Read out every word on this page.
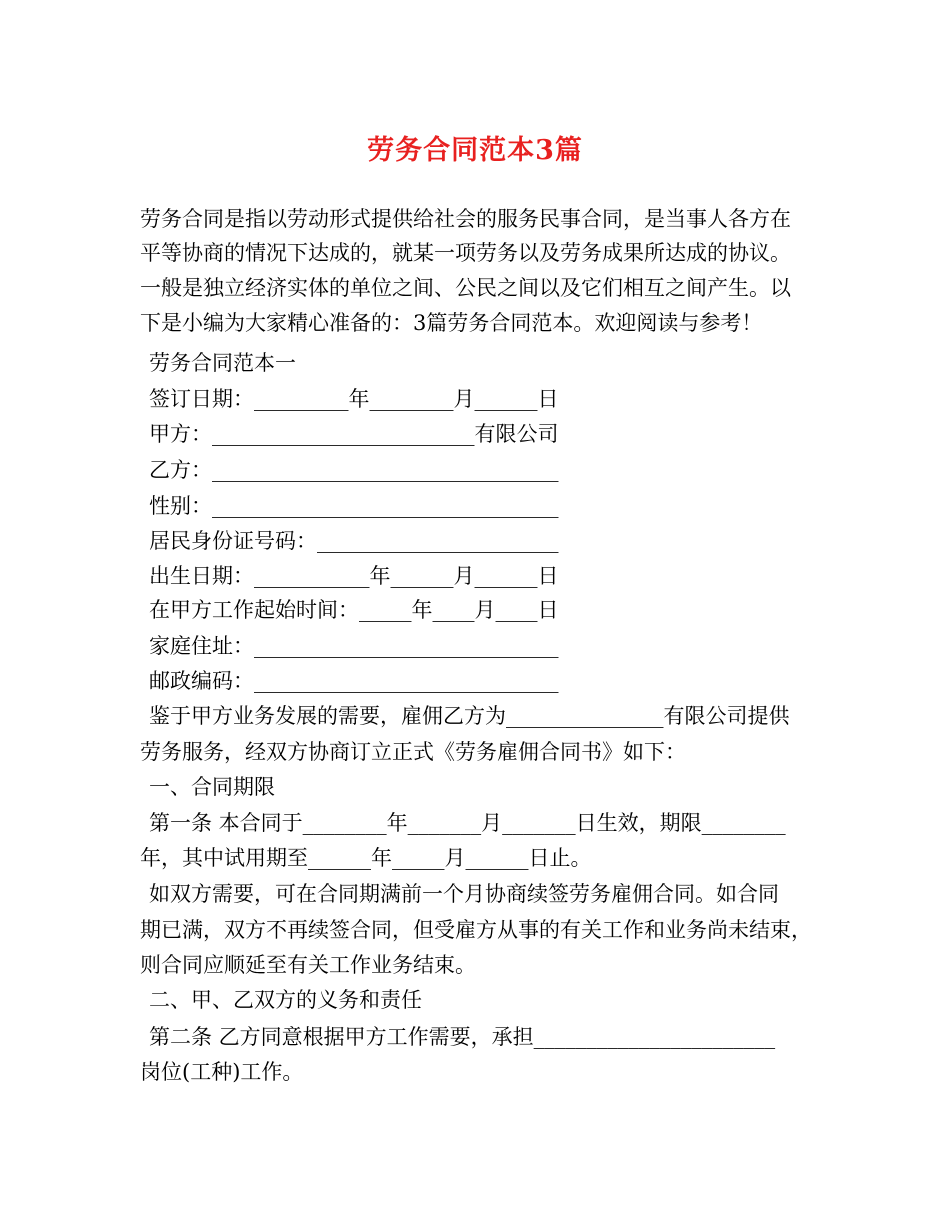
劳务合同范本3篇
劳务合同是指以劳动形式提供给社会的服务民事合同，是当事人各方在
平等协商的情况下达成的，就某一项劳务以及劳务成果所达成的协议。
一般是独立经济实体的单位之间、公民之间以及它们相互之间产生。以
下是小编为大家精心准备的：3篇劳务合同范本。欢迎阅读与参考！
劳务合同范本一
签订日期：_________年________月______日
甲方：_________________________有限公司
乙方：_________________________________
性别：_________________________________
居民身份证号码：_______________________
出生日期：___________年______月______日
在甲方工作起始时间：_____年____月____日
家庭住址：_____________________________
邮政编码：_____________________________
鉴于甲方业务发展的需要，雇佣乙方为_______________有限公司提供
劳务服务，经双方协商订立正式《劳务雇佣合同书》如下：
一、合同期限
第一条 本合同于________年_______月_______日生效，期限________
年，其中试用期至______年_____月______日止。
如双方需要，可在合同期满前一个月协商续签劳务雇佣合同。如合同
期已满，双方不再续签合同，但受雇方从事的有关工作和业务尚未结束，
则合同应顺延至有关工作业务结束。
二、甲、乙双方的义务和责任
第二条 乙方同意根据甲方工作需要，承担_______________________
岗位(工种)工作。
